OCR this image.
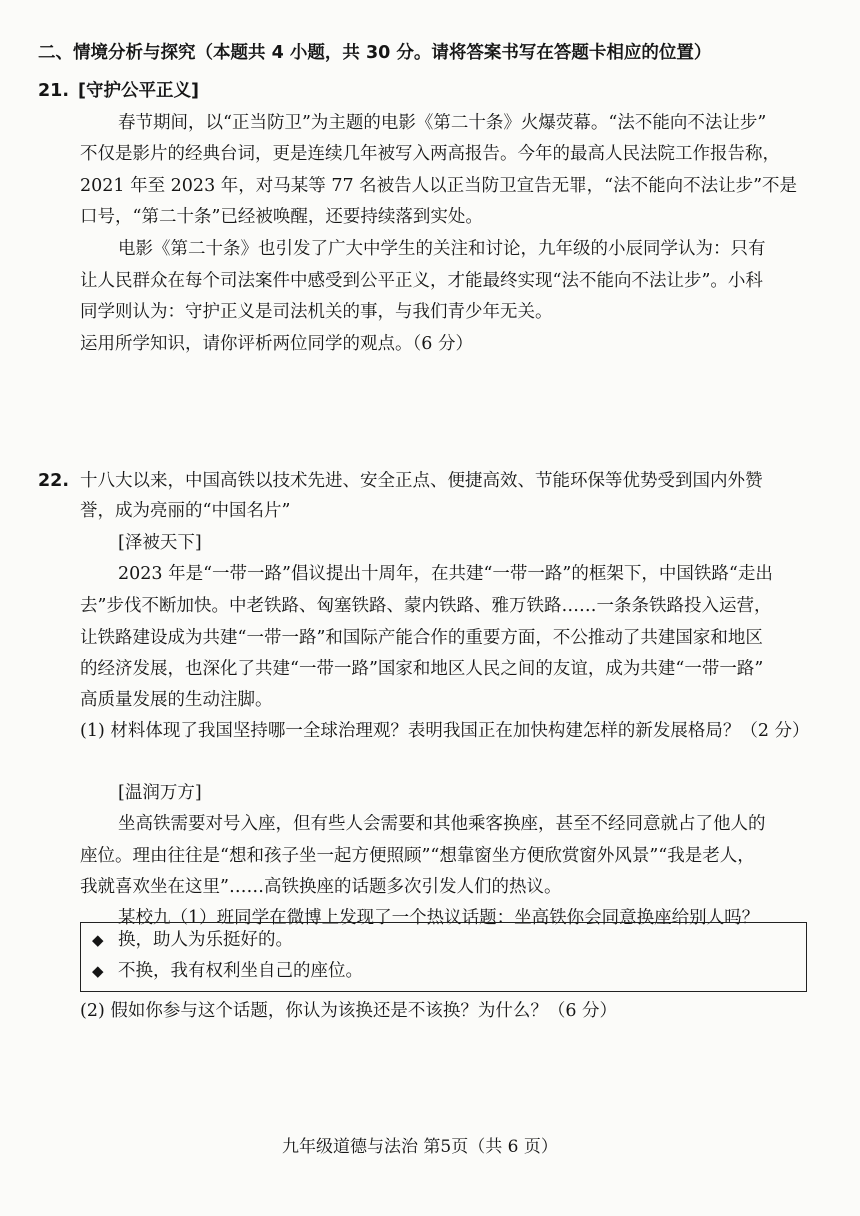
二、情境分析与探究（本题共 4 小题，共 30 分。请将答案书写在答题卡相应的位置）
21. [守护公平正义]
春节期间，以“正当防卫”为主题的电影《第二十条》火爆荧幕。“法不能向不法让步”
不仅是影片的经典台词，更是连续几年被写入两高报告。今年的最高人民法院工作报告称，
2021 年至 2023 年，对马某等 77 名被告人以正当防卫宣告无罪，“法不能向不法让步”不是
口号，“第二十条”已经被唤醒，还要持续落到实处。
电影《第二十条》也引发了广大中学生的关注和讨论，九年级的小辰同学认为：只有
让人民群众在每个司法案件中感受到公平正义，才能最终实现“法不能向不法让步”。小科
同学则认为：守护正义是司法机关的事，与我们青少年无关。
运用所学知识，请你评析两位同学的观点。（6 分）
22. 十八大以来，中国高铁以技术先进、安全正点、便捷高效、节能环保等优势受到国内外赞
誉，成为亮丽的“中国名片”
[泽被天下]
2023 年是“一带一路”倡议提出十周年，在共建“一带一路”的框架下，中国铁路“走出
去”步伐不断加快。中老铁路、匈塞铁路、蒙内铁路、雅万铁路……一条条铁路投入运营，
让铁路建设成为共建“一带一路”和国际产能合作的重要方面，不公推动了共建国家和地区
的经济发展，也深化了共建“一带一路”国家和地区人民之间的友谊，成为共建“一带一路”
高质量发展的生动注脚。
(1) 材料体现了我国坚持哪一全球治理观？表明我国正在加快构建怎样的新发展格局？（2 分）
[温润万方]
坐高铁需要对号入座，但有些人会需要和其他乘客换座，甚至不经同意就占了他人的
座位。理由往往是“想和孩子坐一起方便照顾”“想靠窗坐方便欣赏窗外风景”“我是老人，
我就喜欢坐在这里”……高铁换座的话题多次引发人们的热议。
某校九（1）班同学在微博上发现了一个热议话题：坐高铁你会同意换座给别人吗？
◆ 换，助人为乐挺好的。
◆ 不换，我有权利坐自己的座位。
(2) 假如你参与这个话题，你认为该换还是不该换？为什么？（6 分）
九年级道德与法治 第5页（共 6 页）
